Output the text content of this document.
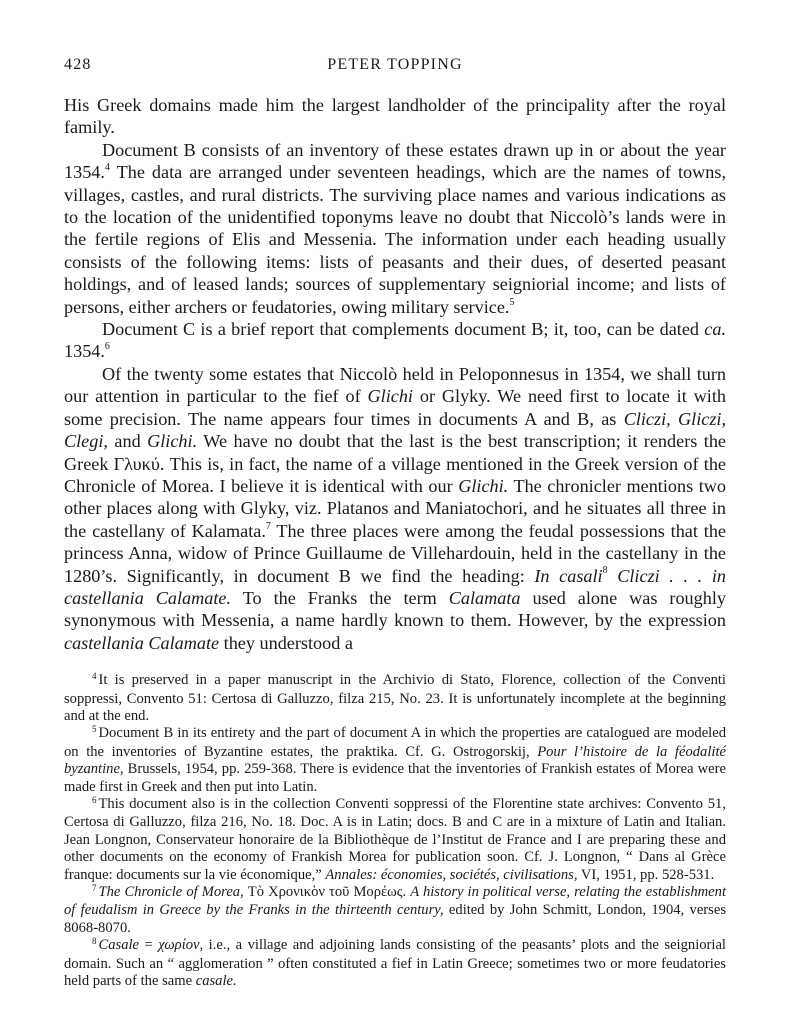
428	PETER TOPPING

His Greek domains made him the largest landholder of the principality after the royal family.

Document B consists of an inventory of these estates drawn up in or about the year 1354.$^4$ The data are arranged under seventeen headings, which are the names of towns, villages, castles, and rural districts. The surviving place names and various indications as to the location of the unidentified toponyms leave no doubt that Niccolò’s lands were in the fertile regions of Elis and Messenia. The information under each heading usually consists of the following items: lists of peasants and their dues, of deserted peasant holdings, and of leased lands; sources of supplementary seigniorial income; and lists of persons, either archers or feudatories, owing military service.$^5$

Document C is a brief report that complements document B; it, too, can be dated ca. 1354.$^6$

Of the twenty some estates that Niccolò held in Peloponnesus in 1354, we shall turn our attention in particular to the fief of Glichi or Glyky. We need first to locate it with some precision. The name appears four times in documents A and B, as Cliczi, Gliczi, Clegi, and Glichi. We have no doubt that the last is the best transcription; it renders the Greek Γλυκύ. This is, in fact, the name of a village mentioned in the Greek version of the Chronicle of Morea. I believe it is identical with our Glichi. The chronicler mentions two other places along with Glyky, viz. Platanos and Maniatochori, and he situates all three in the castellany of Kalamata.$^7$ The three places were among the feudal possessions that the princess Anna, widow of Prince Guillaume de Villehardouin, held in the castellany in the 1280’s. Significantly, in document B we find the heading: In casali$^8$ Cliczi . . . in castellania Calamate. To the Franks the term Calamata used alone was roughly synonymous with Messenia, a name hardly known to them. However, by the expression castellania Calamate they understood a

$^4$ It is preserved in a paper manuscript in the Archivio di Stato, Florence, collection of the Conventi soppressi, Convento 51: Certosa di Galluzzo, filza 215, No. 23. It is unfortunately incomplete at the beginning and at the end.

$^5$ Document B in its entirety and the part of document A in which the properties are catalogued are modeled on the inventories of Byzantine estates, the praktika. Cf. G. Ostrogorskij, Pour l’histoire de la féodalité byzantine, Brussels, 1954, pp. 259-368. There is evidence that the inventories of Frankish estates of Morea were made first in Greek and then put into Latin.

$^6$ This document also is in the collection Conventi soppressi of the Florentine state archives: Convento 51, Certosa di Galluzzo, filza 216, No. 18. Doc. A is in Latin; docs. B and C are in a mixture of Latin and Italian. Jean Longnon, Conservateur honoraire de la Bibliothèque de l’Institut de France and I are preparing these and other documents on the economy of Frankish Morea for publication soon. Cf. J. Longnon, “ Dans al Grèce franque: documents sur la vie économique,” Annales: économies, sociétés, civilisations, VI, 1951, pp. 528-531.

$^7$ The Chronicle of Morea, Τὸ Χρονικὸν τοῦ Μορέως. A history in political verse, relating the establishment of feudalism in Greece by the Franks in the thirteenth century, edited by John Schmitt, London, 1904, verses 8068-8070.

$^8$ Casale = χωρίον, i.e., a village and adjoining lands consisting of the peasants’ plots and the seigniorial domain. Such an “ agglomeration ” often constituted a fief in Latin Greece; sometimes two or more feudatories held parts of the same casale.
